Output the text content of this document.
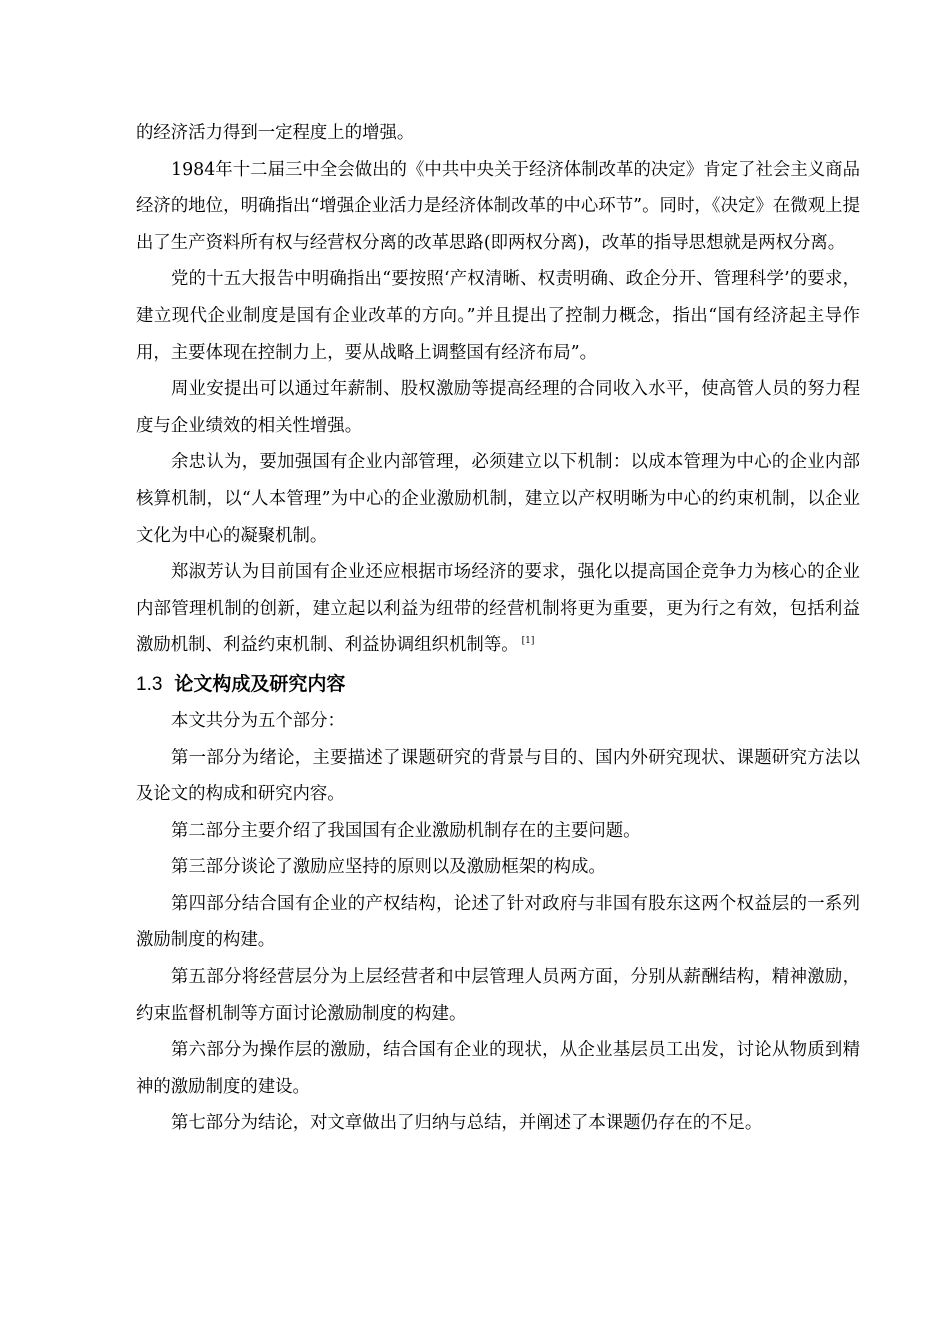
的经济活力得到一定程度上的增强。

1984年十二届三中全会做出的《中共中央关于经济体制改革的决定》肯定了社会主义商品经济的地位，明确指出“增强企业活力是经济体制改革的中心环节”。同时，《决定》在微观上提出了生产资料所有权与经营权分离的改革思路(即两权分离)，改革的指导思想就是两权分离。

党的十五大报告中明确指出“要按照‘产权清晰、权责明确、政企分开、管理科学’的要求，建立现代企业制度是国有企业改革的方向。”并且提出了控制力概念，指出“国有经济起主导作用，主要体现在控制力上，要从战略上调整国有经济布局”。

周业安提出可以通过年薪制、股权激励等提高经理的合同收入水平，使高管人员的努力程度与企业绩效的相关性增强。

余忠认为，要加强国有企业内部管理，必须建立以下机制：以成本管理为中心的企业内部核算机制，以“人本管理”为中心的企业激励机制，建立以产权明晰为中心的约束机制，以企业文化为中心的凝聚机制。

郑淑芳认为目前国有企业还应根据市场经济的要求，强化以提高国企竞争力为核心的企业内部管理机制的创新，建立起以利益为纽带的经营机制将更为重要，更为行之有效，包括利益激励机制、利益约束机制、利益协调组织机制等。 [1]

1.3 论文构成及研究内容

本文共分为五个部分：

第一部分为绪论，主要描述了课题研究的背景与目的、国内外研究现状、课题研究方法以及论文的构成和研究内容。

第二部分主要介绍了我国国有企业激励机制存在的主要问题。

第三部分谈论了激励应坚持的原则以及激励框架的构成。

第四部分结合国有企业的产权结构，论述了针对政府与非国有股东这两个权益层的一系列激励制度的构建。

第五部分将经营层分为上层经营者和中层管理人员两方面，分别从薪酬结构，精神激励，约束监督机制等方面讨论激励制度的构建。

第六部分为操作层的激励，结合国有企业的现状，从企业基层员工出发，讨论从物质到精神的激励制度的建设。

第七部分为结论，对文章做出了归纳与总结，并阐述了本课题仍存在的不足。
